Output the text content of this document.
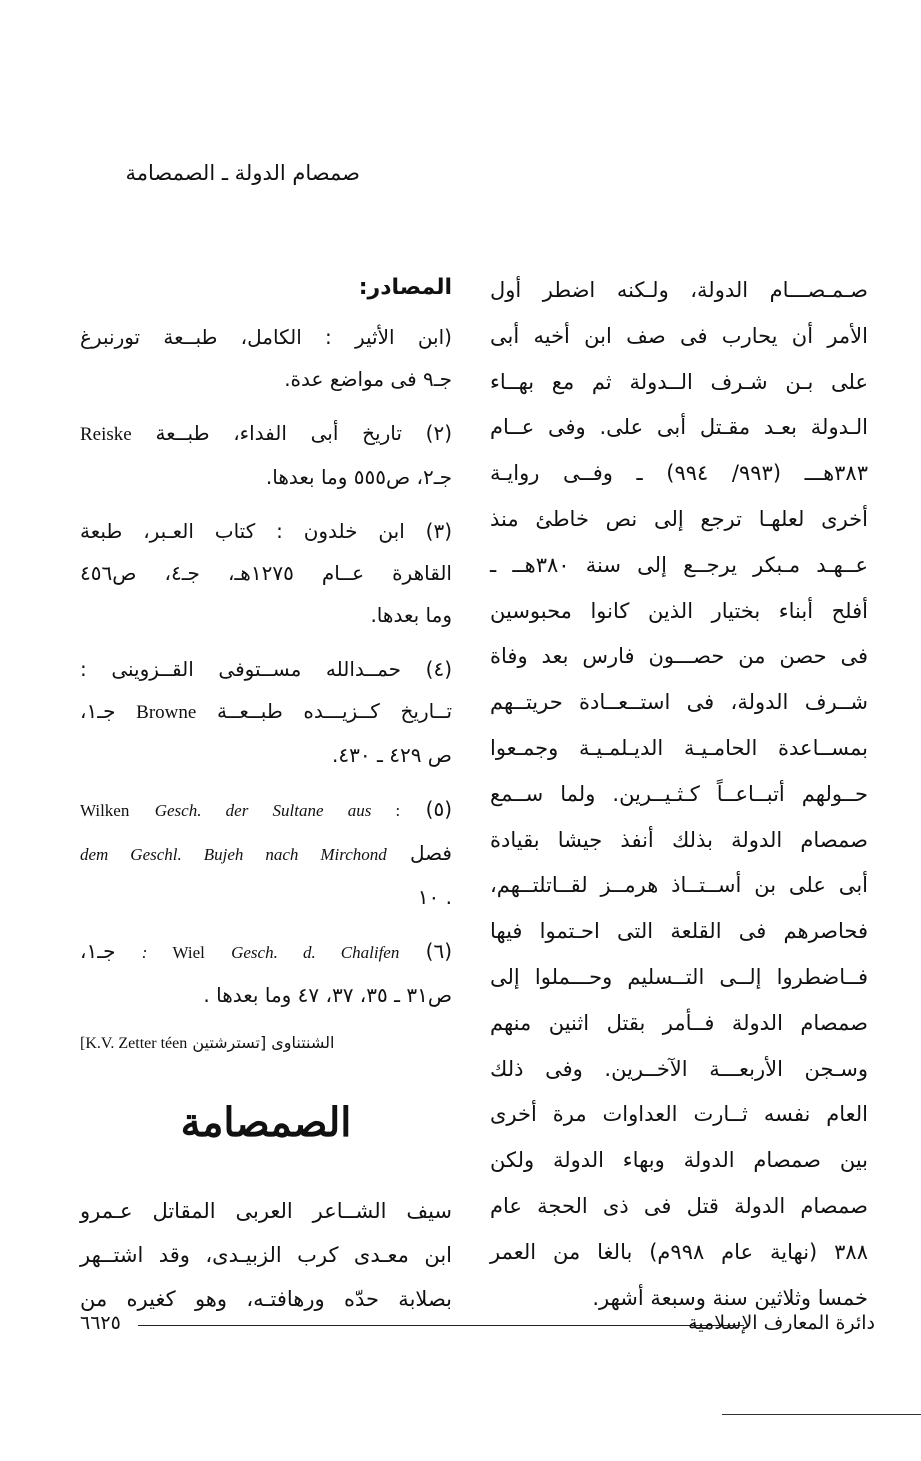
صمصام الدولة ـ الصمصامة
صـمـصـــام الدولة، ولـكنه اضطر أول
الأمر أن يحارب فى صف ابن أخيه أبى
على بـن شـرف الــدولة ثم مع بهــاء
الـدولة بعـد مقـتل أبى على. وفى عــام
٣٨٣هـــ (٩٩٣/ ٩٩٤) ـ وفــى روايـة
أخرى لعلهـا ترجع إلى نص خاطئ منذ
عــهـد مـبكر يرجــع إلى سنة ٣٨٠هــ ـ
أفلح أبناء بختيار الذين كانوا محبوسين
فى حصن من حصـــون فارس بعد وفاة
شــرف الدولة، فى استــعــادة حريتــهم
بمســاعدة الحامـيـة الديـلمـيـة وجمـعوا
حــولهم أتبــاعــاً كـثـيــرين. ولما ســمع
صمصام الدولة بذلك أنفذ جيشا بقيادة
أبى على بن أســتــاذ هرمــز لقــاتلتــهم،
فحاصرهم فى القلعة التى احـتموا فيها
فــاضطروا إلــى التــسليم وحـــملوا إلى
صمصام الدولة فــأمر بقتل اثنين منهم
وسـجن الأربعـــة الآخــرين. وفى ذلك
العام نفسه ثــارت العداوات مرة أخرى
بين صمصام الدولة وبهاء الدولة ولكن
صمصام الدولة قتل فى ذى الحجة عام
٣٨٨ (نهاية عام ٩٩٨م) بالغا من العمر
خمسا وثلاثين سنة وسبعة أشهر.
المصادر:
(ابن الأثير : الكامل، طبــعة تورنبرغ
جـ٩ فى مواضع عدة.
(٢) تاريخ أبى الفداء، طبــعة Reiske
جـ٢، ص٥٥٥ وما بعدها.
(٣) ابن خلدون : كتاب العـبر، طبعة
القاهرة عــام ١٢٧٥هـ، جـ٤، ص٤٥٦
وما بعدها.
(٤) حمــدالله مســتوفى القــزوينى :
تــاريخ كــزيـــده طبــعــة Browne جـ١،
ص ٤٢٩ ـ ٤٣٠.
(٥) : Wilken Gesch. der Sultane aus
فصل dem Geschl. Bujeh nach Mirchond
. ١٠
(٦) Wiel Gesch. d. Chalifen : جـ١،
ص٣١ ـ ٣٥، ٣٧، ٤٧ وما بعدها .
الشنتناوى [تسترشتين K.V. Zetter téen]
الصمصامة
سيف الشــاعر العربى المقاتل عـمرو
ابن معـدى كرب الزبيـدى، وقد اشتــهر
بصلابة حدّه ورهافتـه، وهو كغيره من
٦٦٢٥	دائرة المعارف الإسلامية
